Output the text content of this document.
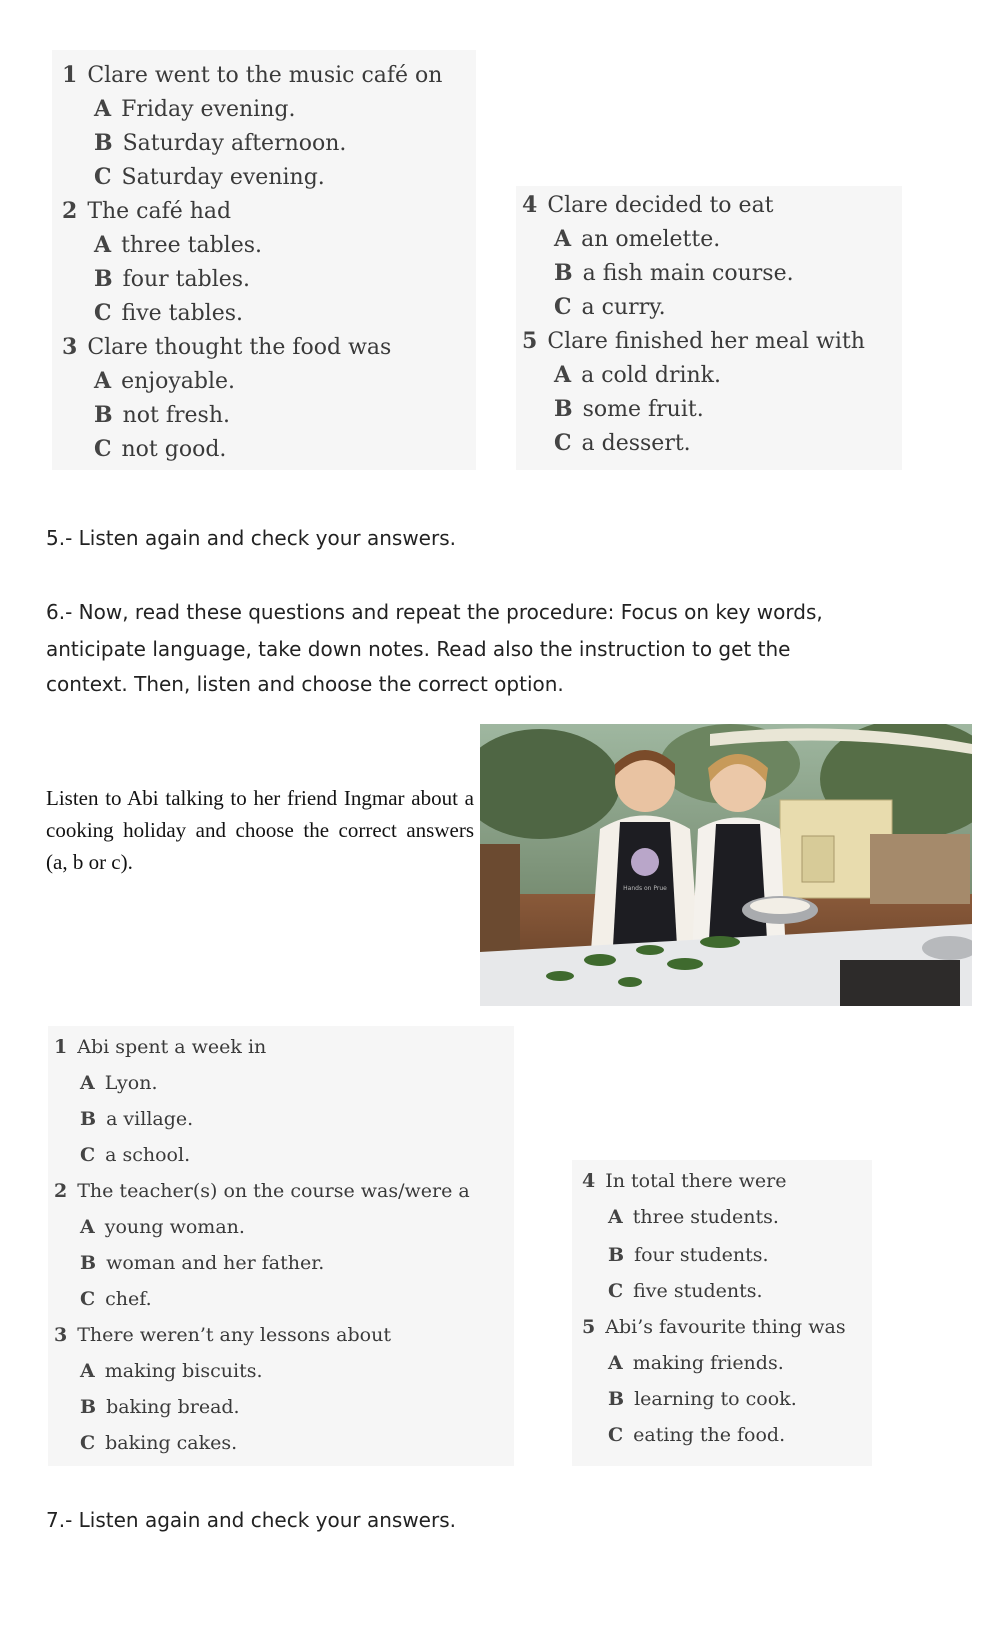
1 Clare went to the music café on
A Friday evening.
B Saturday afternoon.
C Saturday evening.
2 The café had
A three tables.
B four tables.
C five tables.
3 Clare thought the food was
A enjoyable.
B not fresh.
C not good.
4 Clare decided to eat
A an omelette.
B a fish main course.
C a curry.
5 Clare finished her meal with
A a cold drink.
B some fruit.
C a dessert.
5.- Listen again and check your answers.
6.- Now, read these questions and repeat the procedure: Focus on key words,
anticipate language, take down notes. Read also the instruction to get the
context. Then, listen and choose the correct option.
Listen to Abi talking to her friend Ingmar about a cooking holiday and choose the correct answers (a, b or c).
Hands on Prue
1 Abi spent a week in
A Lyon.
B a village.
C a school.
2 The teacher(s) on the course was/were a
A young woman.
B woman and her father.
C chef.
3 There weren’t any lessons about
A making biscuits.
B baking bread.
C baking cakes.
4 In total there were
A three students.
B four students.
C five students.
5 Abi’s favourite thing was
A making friends.
B learning to cook.
C eating the food.
7.- Listen again and check your answers.
